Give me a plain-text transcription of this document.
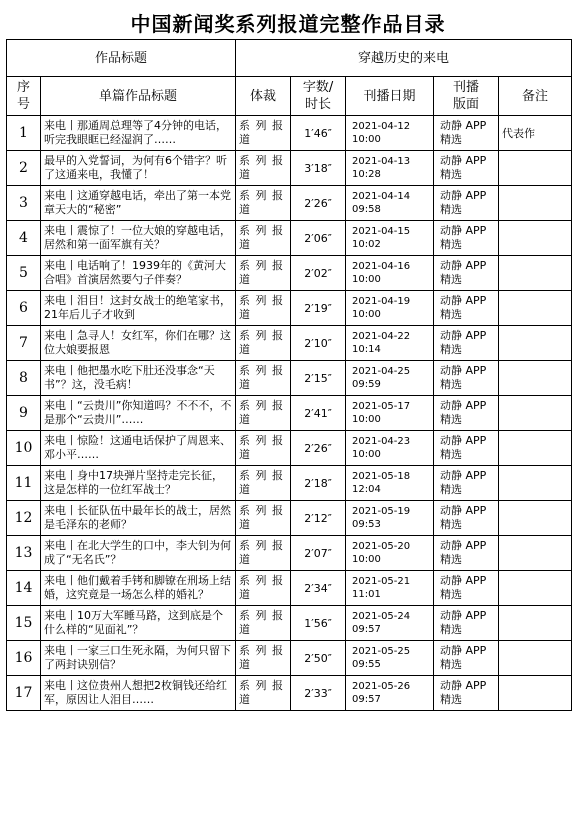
中国新闻奖系列报道完整作品目录
作品标题		穿越历史的来电				
序
号	单篇作品标题	体裁	字数/
时长	刊播日期	刊播
版面	备注
1	来电丨那通周总理等了4分钟的电话，听完我眼眶已经湿润了……	系 列 报
道	1′46″	2021-04-12
10:00	动静 APP
精选	代表作
2	最早的入党誓词，为何有6个错字？听了这通来电，我懂了！	系 列 报
道	3′18″	2021-04-13
10:28	动静 APP
精选	
3	来电丨这通穿越电话，牵出了第一本党章天大的“秘密”	系 列 报
道	2′26″	2021-04-14
09:58	动静 APP
精选	
4	来电丨震惊了！一位大娘的穿越电话，居然和第一面军旗有关？	系 列 报
道	2′06″	2021-04-15
10:02	动静 APP
精选	
5	来电丨电话响了！1939年的《黄河大合唱》首演居然要勺子伴奏？	系 列 报
道	2′02″	2021-04-16
10:00	动静 APP
精选	
6	来电丨泪目！这封女战士的绝笔家书，21年后儿子才收到	系 列 报
道	2′19″	2021-04-19
10:00	动静 APP
精选	
7	来电丨急寻人！女红军，你们在哪？这位大娘要报恩	系 列 报
道	2′10″	2021-04-22
10:14	动静 APP
精选	
8	来电丨他把墨水吃下肚还没事念“天书”？这，没毛病！	系 列 报
道	2′15″	2021-04-25
09:59	动静 APP
精选	
9	来电丨“云贵川”你知道吗？不不不，不是那个“云贵川”……	系 列 报
道	2′41″	2021-05-17
10:00	动静 APP
精选	
10	来电丨惊险！这通电话保护了周恩来、邓小平……	系 列 报
道	2′26″	2021-04-23
10:00	动静 APP
精选	
11	来电丨身中17块弹片坚持走完长征，这是怎样的一位红军战士？	系 列 报
道	2′18″	2021-05-18
12:04	动静 APP
精选	
12	来电丨长征队伍中最年长的战士，居然是毛泽东的老师？	系 列 报
道	2′12″	2021-05-19
09:53	动静 APP
精选	
13	来电丨在北大学生的口中，李大钊为何成了“无名氏”？	系 列 报
道	2′07″	2021-05-20
10:00	动静 APP
精选	
14	来电丨他们戴着手铐和脚镣在刑场上结婚，这究竟是一场怎么样的婚礼？	系 列 报
道	2′34″	2021-05-21
11:01	动静 APP
精选	
15	来电丨10万大军睡马路，这到底是个什么样的“见面礼”？	系 列 报
道	1′56″	2021-05-24
09:57	动静 APP
精选	
16	来电丨一家三口生死永隔，为何只留下了两封诀别信？	系 列 报
道	2′50″	2021-05-25
09:55	动静 APP
精选	
17	来电丨这位贵州人想把2枚铜钱还给红军，原因让人泪目……	系 列 报
道	2′33″	2021-05-26
09:57	动静 APP
精选	
